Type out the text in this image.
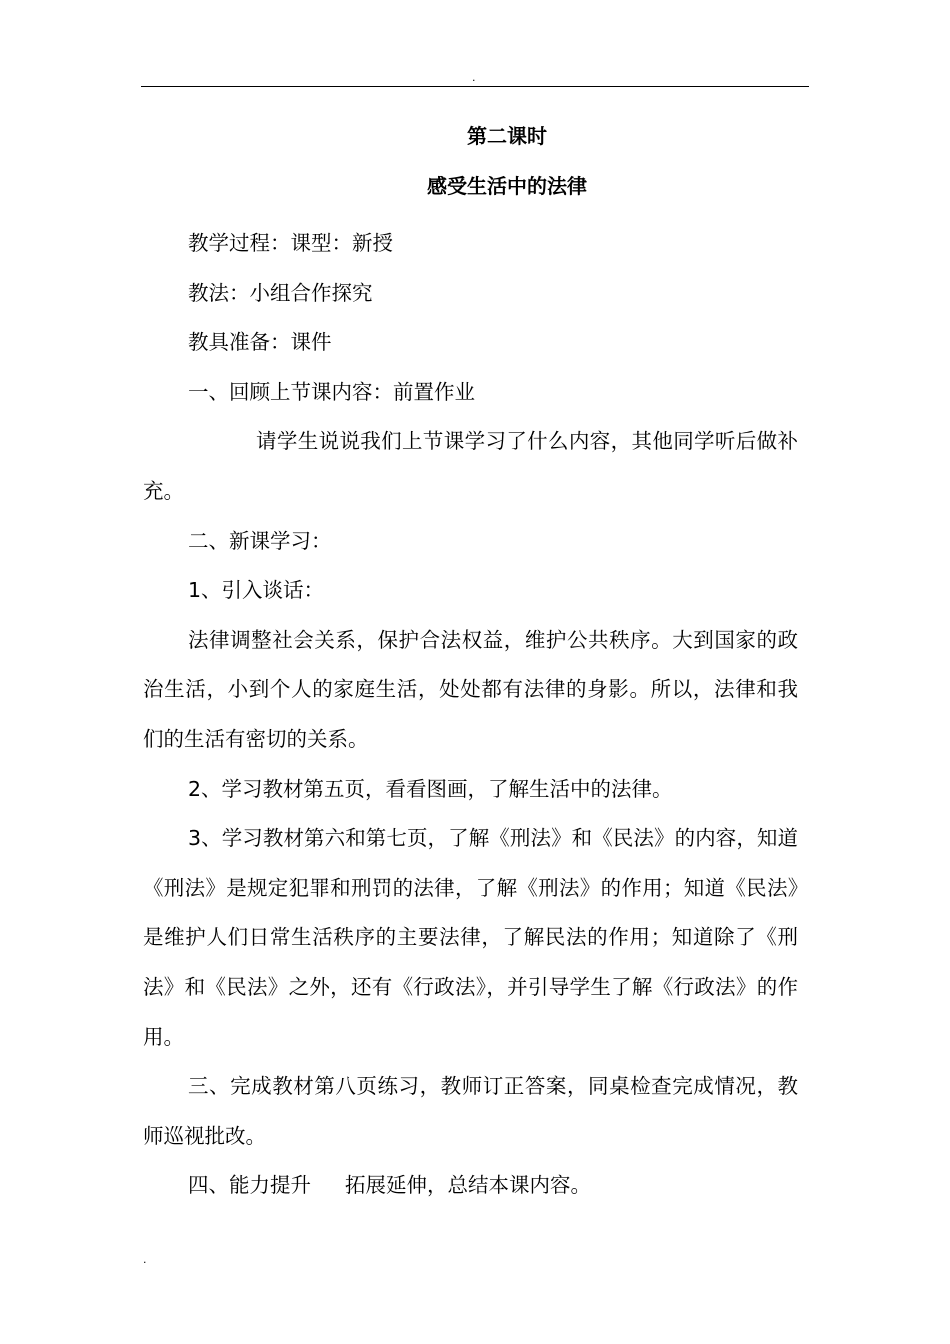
.
第二课时
感受生活中的法律

教学过程：课型：新授

教法：小组合作探究

教具准备：课件

一、回顾上节课内容：前置作业

请学生说说我们上节课学习了什么内容，其他同学听后做补充。

二、新课学习：

1、引入谈话：

法律调整社会关系，保护合法权益，维护公共秩序。大到国家的政治生活，小到个人的家庭生活，处处都有法律的身影。所以，法律和我们的生活有密切的关系。

2、学习教材第五页，看看图画，了解生活中的法律。

3、学习教材第六和第七页，了解《刑法》和《民法》的内容，知道《刑法》是规定犯罪和刑罚的法律，了解《刑法》的作用；知道《民法》是维护人们日常生活秩序的主要法律，了解民法的作用；知道除了《刑法》和《民法》之外，还有《行政法》，并引导学生了解《行政法》的作用。

三、完成教材第八页练习，教师订正答案，同桌检查完成情况，教师巡视批改。

四、能力提升 拓展延伸，总结本课内容。

.
